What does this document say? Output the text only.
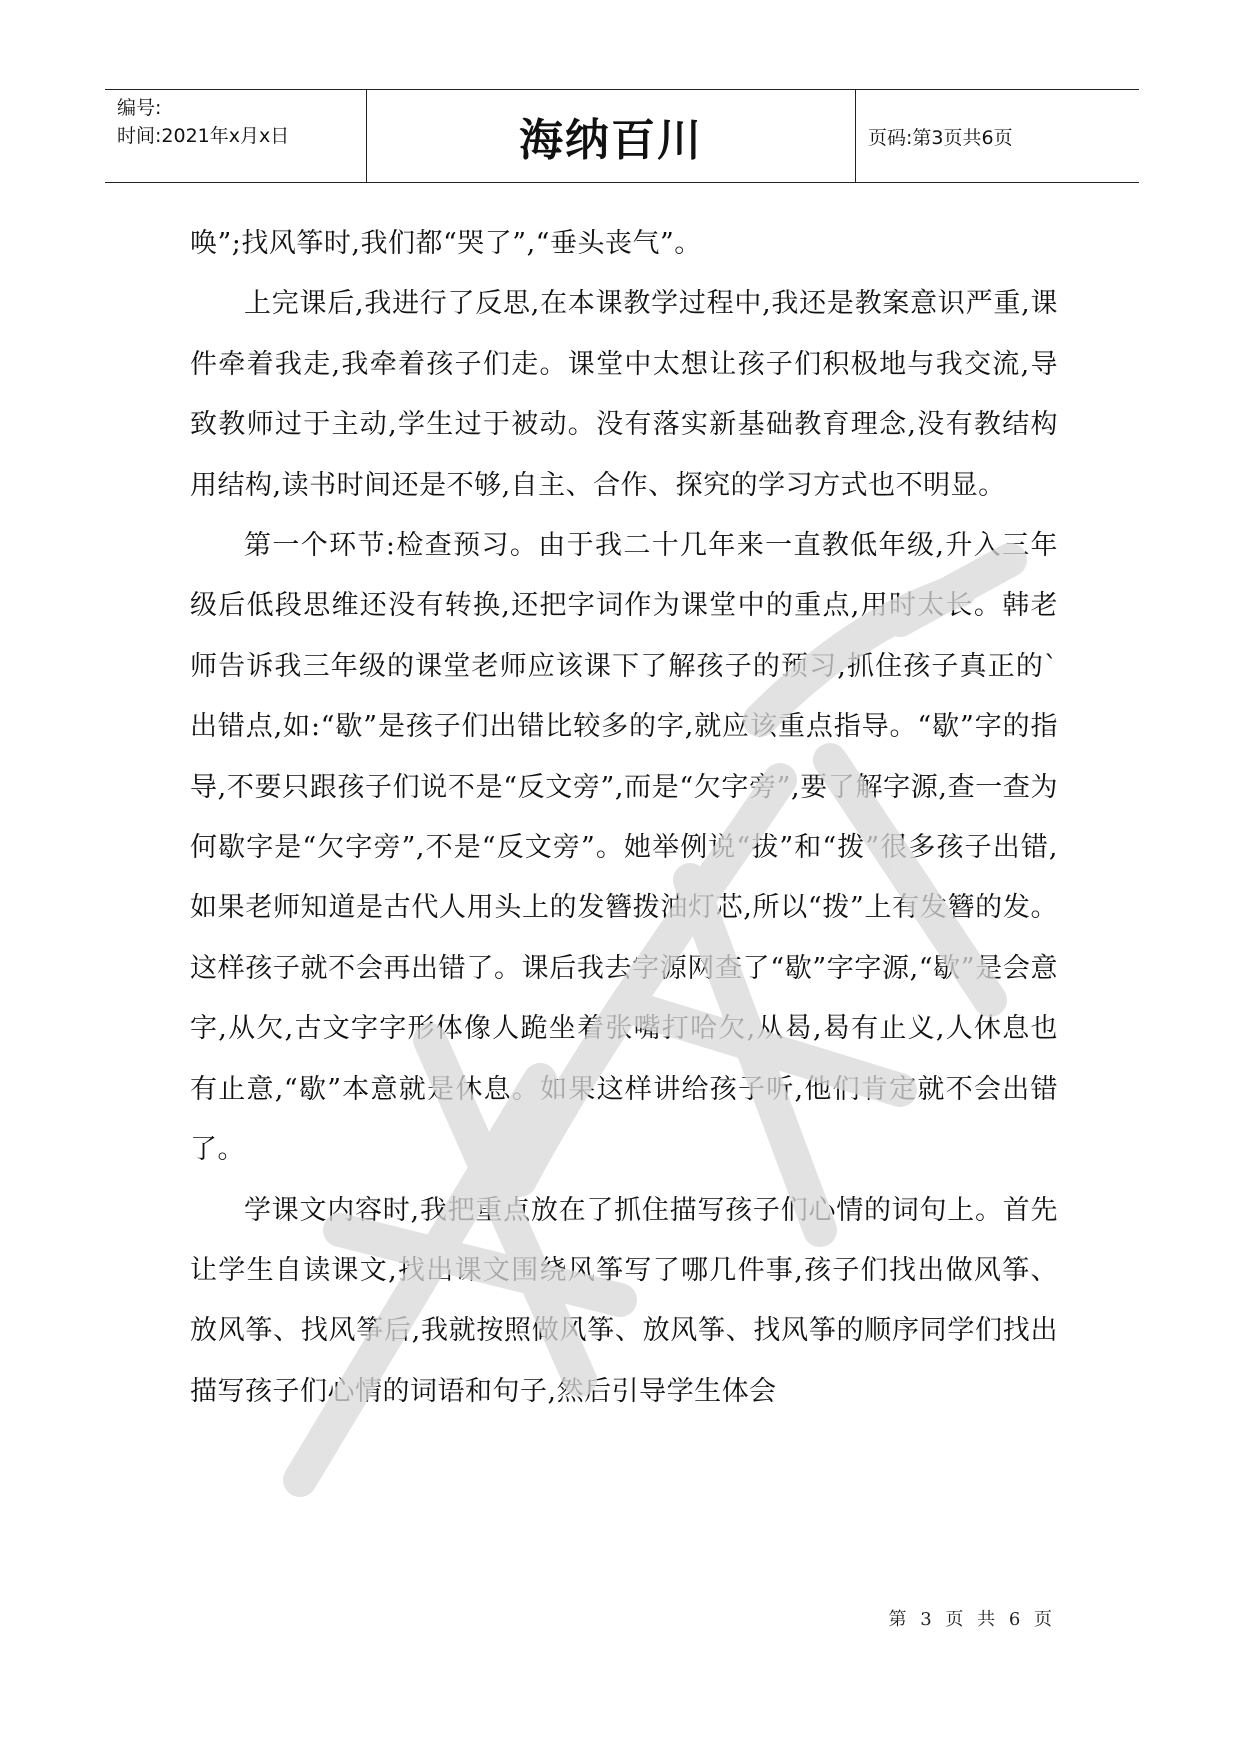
编号:
时间:2021年x月x日	海纳百川	页码:第3页共6页

唤”;找风筝时,我们都“哭了”,“垂头丧气”。

上完课后,我进行了反思,在本课教学过程中,我还是教案意识严重,课件牵着我走,我牵着孩子们走。课堂中太想让孩子们积极地与我交流,导致教师过于主动,学生过于被动。没有落实新基础教育理念,没有教结构用结构,读书时间还是不够,自主、合作、探究的学习方式也不明显。

第一个环节:检查预习。由于我二十几年来一直教低年级,升入三年级后低段思维还没有转换,还把字词作为课堂中的重点,用时太长。韩老师告诉我三年级的课堂老师应该课下了解孩子的预习,抓住孩子真正的`出错点,如:“歇”是孩子们出错比较多的字,就应该重点指导。“歇”字的指导,不要只跟孩子们说不是“反文旁”,而是“欠字旁”,要了解字源,查一查为何歇字是“欠字旁”,不是“反文旁”。她举例说“拔”和“拨”很多孩子出错,如果老师知道是古代人用头上的发簪拨油灯芯,所以“拨”上有发簪的发。这样孩子就不会再出错了。课后我去字源网查了“歇”字字源,“歇”是会意字,从欠,古文字字形体像人跪坐着张嘴打哈欠,从曷,曷有止义,人休息也有止意,“歇”本意就是休息。如果这样讲给孩子听,他们肯定就不会出错了。

学课文内容时,我把重点放在了抓住描写孩子们心情的词句上。首先让学生自读课文,找出课文围绕风筝写了哪几件事,孩子们找出做风筝、放风筝、找风筝后,我就按照做风筝、放风筝、找风筝的顺序同学们找出描写孩子们心情的词语和句子,然后引导学生体会

第 3 页 共 6 页
